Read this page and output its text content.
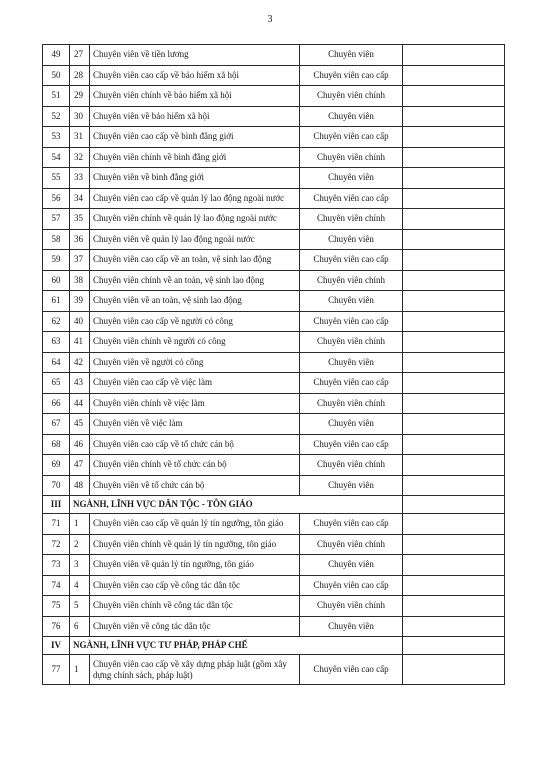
3
49	27	Chuyên viên về tiền lương	Chuyên viên	
50	28	Chuyên viên cao cấp về bảo hiểm xã hội	Chuyên viên cao cấp	
51	29	Chuyên viên chính về bảo hiểm xã hội	Chuyên viên chính	
52	30	Chuyên viên về bảo hiểm xã hội	Chuyên viên	
53	31	Chuyên viên cao cấp về bình đẳng giới	Chuyên viên cao cấp	
54	32	Chuyên viên chính về bình đẳng giới	Chuyên viên chính	
55	33	Chuyên viên về bình đẳng giới	Chuyên viên	
56	34	Chuyên viên cao cấp về quản lý lao động ngoài nước	Chuyên viên cao cấp	
57	35	Chuyên viên chính về quản lý lao động ngoài nước	Chuyên viên chính	
58	36	Chuyên viên về quản lý lao động ngoài nước	Chuyên viên	
59	37	Chuyên viên cao cấp về an toàn, vệ sinh lao động	Chuyên viên cao cấp	
60	38	Chuyên viên chính về an toàn, vệ sinh lao động	Chuyên viên chính	
61	39	Chuyên viên về an toàn, vệ sinh lao động	Chuyên viên	
62	40	Chuyên viên cao cấp về người có công	Chuyên viên cao cấp	
63	41	Chuyên viên chính về người có công	Chuyên viên chính	
64	42	Chuyên viên về người có công	Chuyên viên	
65	43	Chuyên viên cao cấp về việc làm	Chuyên viên cao cấp	
66	44	Chuyên viên chính về việc làm	Chuyên viên chính	
67	45	Chuyên viên về việc làm	Chuyên viên	
68	46	Chuyên viên cao cấp về tổ chức cán bộ	Chuyên viên cao cấp	
69	47	Chuyên viên chính về tổ chức cán bộ	Chuyên viên chính	
70	48	Chuyên viên về tổ chức cán bộ	Chuyên viên	
III	NGÀNH, LĨNH VỰC DÂN TỘC - TÔN GIÁO			
71	1	Chuyên viên cao cấp về quản lý tín ngưỡng, tôn giáo	Chuyên viên cao cấp	
72	2	Chuyên viên chính về quản lý tín ngưỡng, tôn giáo	Chuyên viên chính	
73	3	Chuyên viên về quản lý tín ngưỡng, tôn giáo	Chuyên viên	
74	4	Chuyên viên cao cấp về công tác dân tộc	Chuyên viên cao cấp	
75	5	Chuyên viên chính về công tác dân tộc	Chuyên viên chính	
76	6	Chuyên viên về công tác dân tộc	Chuyên viên	
IV	NGÀNH, LĨNH VỰC TƯ PHÁP, PHÁP CHẾ			
77	1	Chuyên viên cao cấp về xây dựng pháp luật (gồm xây dựng chính sách, pháp luật)	Chuyên viên cao cấp	
